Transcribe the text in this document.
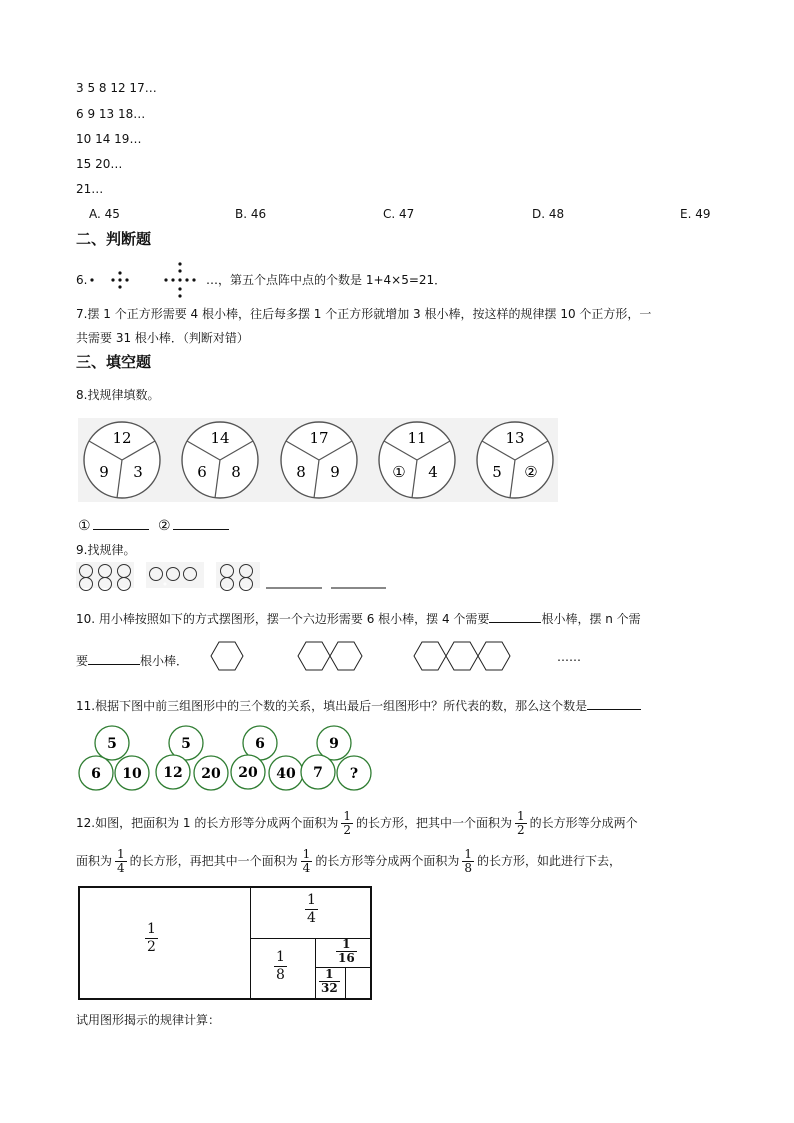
3 5 8 12 17…
6 9 13 18…
10 14 19…
15 20…
21…
A. 45	B. 46	C. 47	D. 48	E. 49
二、判断题
6.	…，第五个点阵中点的个数是 1+4×5=21．
7.摆 1 个正方形需要 4 根小棒，往后每多摆 1 个正方形就增加 3 根小棒，按这样的规律摆 10 个正方形，一
共需要 31 根小棒．（判断对错）
三、填空题
8.找规律填数。
12
9 3
14
6 8
17
8 9
11
① 4
13
5 ②
①	②
9.找规律。
10. 用小棒按照如下的方式摆图形，摆一个六边形需要 6 根小棒，摆 4 个需要	根小棒，摆 n 个需
要	根小棒．	……
11.根据下图中前三组图形中的三个数的关系，填出最后一组图形中？所代表的数，那么这个数是
5
6 10
5
12 20
6
20 40
9
7 ?
12.如图，把面积为 1 的长方形等分成两个面积为 $\frac{1}{2}$ 的长方形，把其中一个面积为 $\frac{1}{2}$ 的长方形等分成两个
面积为 $\frac{1}{4}$ 的长方形，再把其中一个面积为 $\frac{1}{4}$ 的长方形等分成两个面积为 $\frac{1}{8}$ 的长方形，如此进行下去，
$\frac{1}{2}$
$\frac{1}{4}$
$\frac{1}{8}$	$\frac{1}{16}$
$\frac{1}{32}$
试用图形揭示的规律计算：
